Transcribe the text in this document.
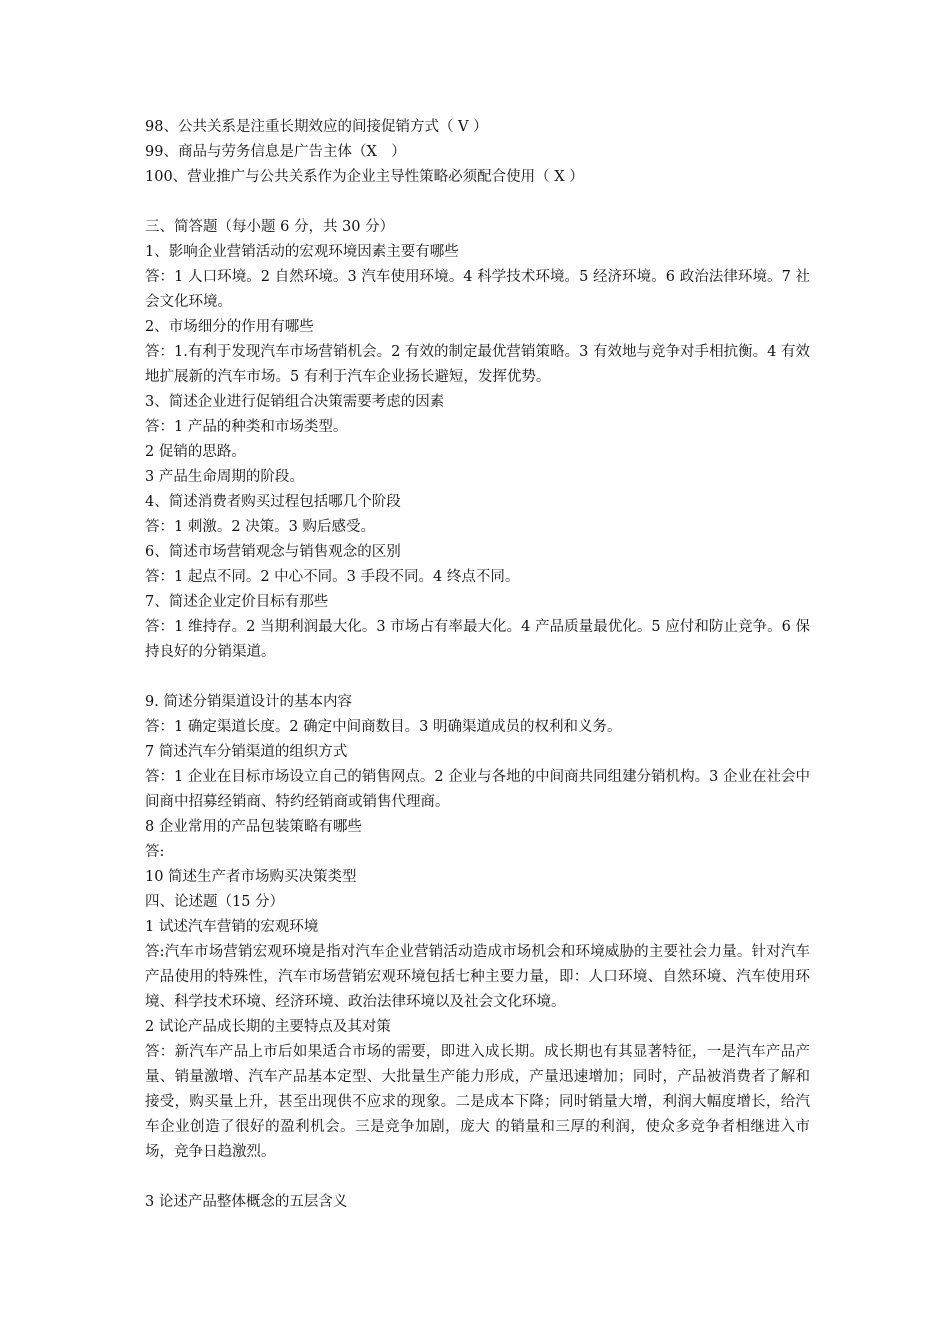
98、公共关系是注重长期效应的间接促销方式（ V ）
99、商品与劳务信息是广告主体（X　）
100、营业推广与公共关系作为企业主导性策略必须配合使用（ X ）
三、简答题（每小题 6 分，共 30 分）
1、影响企业营销活动的宏观环境因素主要有哪些
答：1 人口环境。2 自然环境。3 汽车使用环境。4 科学技术环境。5 经济环境。6 政治法律环境。7 社会文化环境。
2、市场细分的作用有哪些
答：1.有利于发现汽车市场营销机会。2 有效的制定最优营销策略。3 有效地与竞争对手相抗衡。4 有效地扩展新的汽车市场。5 有利于汽车企业扬长避短，发挥优势。
3、简述企业进行促销组合决策需要考虑的因素
答：1 产品的种类和市场类型。
2 促销的思路。
3 产品生命周期的阶段。
4、简述消费者购买过程包括哪几个阶段
答：1 刺激。2 决策。3 购后感受。
6、简述市场营销观念与销售观念的区别
答：1 起点不同。2 中心不同。3 手段不同。4 终点不同。
7、简述企业定价目标有那些
答：1 维持存。2 当期利润最大化。3 市场占有率最大化。4 产品质量最优化。5 应付和防止竞争。6 保持良好的分销渠道。
9. 简述分销渠道设计的基本内容
答：1 确定渠道长度。2 确定中间商数目。3 明确渠道成员的权利和义务。
7 简述汽车分销渠道的组织方式
答：1 企业在目标市场设立自己的销售网点。2 企业与各地的中间商共同组建分销机构。3 企业在社会中间商中招募经销商、特约经销商或销售代理商。
8 企业常用的产品包装策略有哪些
答:
10 简述生产者市场购买决策类型
四、论述题（15 分）
1 试述汽车营销的宏观环境
答:汽车市场营销宏观环境是指对汽车企业营销活动造成市场机会和环境威胁的主要社会力量。针对汽车产品使用的特殊性，汽车市场营销宏观环境包括七种主要力量，即：人口环境、自然环境、汽车使用环境、科学技术环境、经济环境、政治法律环境以及社会文化环境。
2 试论产品成长期的主要特点及其对策
答：新汽车产品上市后如果适合市场的需要，即进入成长期。成长期也有其显著特征，一是汽车产品产量、销量激增、汽车产品基本定型、大批量生产能力形成，产量迅速增加；同时，产品被消费者了解和接受，购买量上升，甚至出现供不应求的现象。二是成本下降；同时销量大增，利润大幅度增长，给汽车企业创造了很好的盈利机会。三是竞争加剧，庞大 的销量和三厚的利润，使众多竞争者相继进入市场，竞争日趋激烈。
3 论述产品整体概念的五层含义
